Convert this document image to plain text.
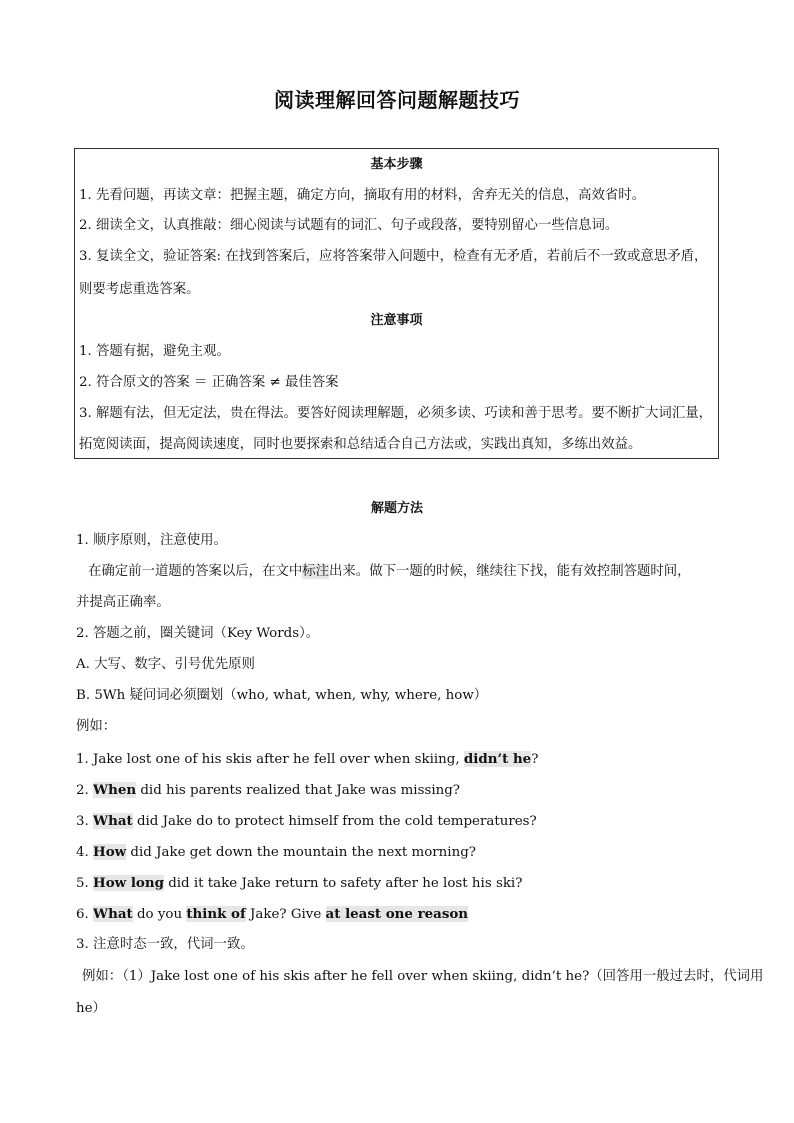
阅读理解回答问题解题技巧
基本步骤
1. 先看问题，再读文章：把握主题，确定方向，摘取有用的材料，舍弃无关的信息，高效省时。
2. 细读全文，认真推敲：细心阅读与试题有的词汇、句子或段落，要特别留心一些信息词。
3. 复读全文，验证答案: 在找到答案后，应将答案带入问题中，检查有无矛盾，若前后不一致或意思矛盾，
则要考虑重选答案。
注意事项
1. 答题有据，避免主观。
2. 符合原文的答案 ＝ 正确答案 ≠ 最佳答案
3. 解题有法，但无定法，贵在得法。要答好阅读理解题，必须多读、巧读和善于思考。要不断扩大词汇量，
拓宽阅读面，提高阅读速度，同时也要探索和总结适合自己方法或，实践出真知，多练出效益。
解题方法
1. 顺序原则，注意使用。
在确定前一道题的答案以后，在文中标注出来。做下一题的时候，继续往下找，能有效控制答题时间，
并提高正确率。
2. 答题之前，圈关键词（Key Words）。
A. 大写、数字、引号优先原则
B. 5Wh 疑问词必须圈划（who, what, when, why, where, how）
例如：
1. Jake lost one of his skis after he fell over when skiing, didn’t he?
2. When did his parents realized that Jake was missing?
3. What did Jake do to protect himself from the cold temperatures?
4. How did Jake get down the mountain the next morning?
5. How long did it take Jake return to safety after he lost his ski?
6. What do you think of Jake? Give at least one reason
3. 注意时态一致，代词一致。
例如：（1）Jake lost one of his skis after he fell over when skiing, didn’t he?（回答用一般过去时，代词用
he）
